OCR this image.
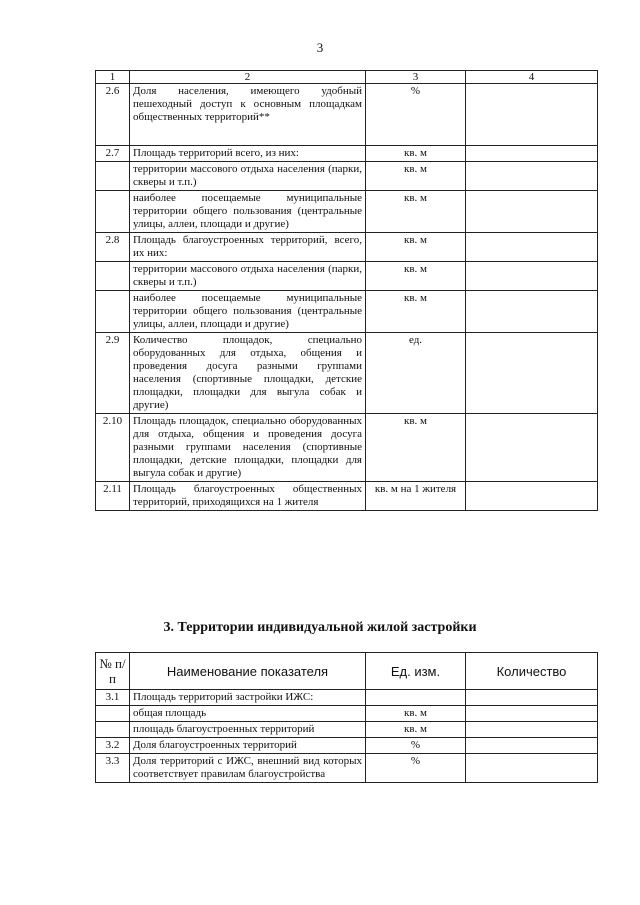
3
1	2	3	4
2.6	Доля населения, имеющего удобный пешеходный доступ к основным площадкам общественных территорий**	%	
2.7	Площадь территорий всего, из них:	кв. м	
	территории массового отдыха населения (парки, скверы и т.п.)	кв. м	
	наиболее посещаемые муниципальные территории общего пользования (центральные улицы, аллеи, площади и другие)	кв. м	
2.8	Площадь благоустроенных территорий, всего, их них:	кв. м	
	территории массового отдыха населения (парки, скверы и т.п.)	кв. м	
	наиболее посещаемые муниципальные территории общего пользования (центральные улицы, аллеи, площади и другие)	кв. м	
2.9	Количество площадок, специально оборудованных для отдыха, общения и проведения досуга разными группами населения (спортивные площадки, детские площадки, площадки для выгула собак и другие)	ед.	
2.10	Площадь площадок, специально оборудованных для отдыха, общения и проведения досуга разными группами населения (спортивные площадки, детские площадки, площадки для выгула собак и другие)	кв. м	
2.11	Площадь благоустроенных общественных территорий, приходящихся на 1 жителя	кв. м на 1 жителя	
3. Территории индивидуальной жилой застройки
№ п/п	Наименование показателя	Ед. изм.	Количество
3.1	Площадь территорий застройки ИЖС:		
	общая площадь	кв. м	
	площадь благоустроенных территорий	кв. м	
3.2	Доля благоустроенных территорий	%	
3.3	Доля территорий с ИЖС, внешний вид которых соответствует правилам благоустройства	%	
